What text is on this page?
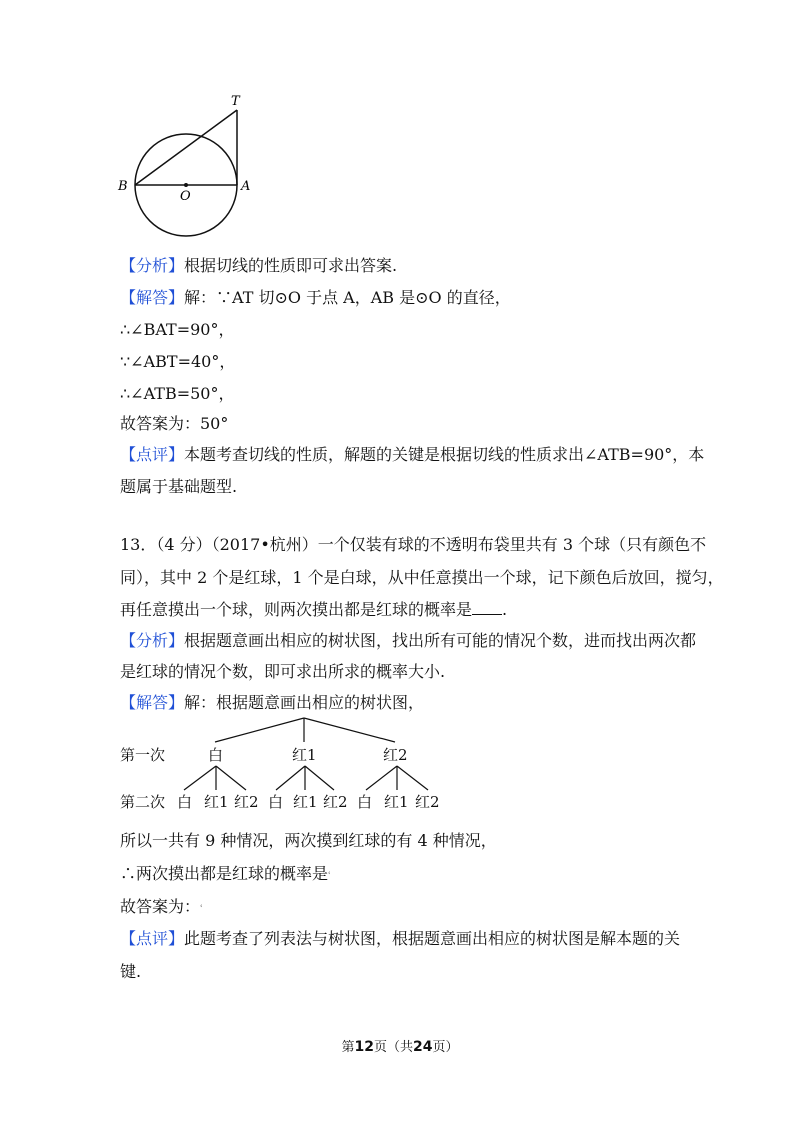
T
B
O
A
【分析】根据切线的性质即可求出答案.
【解答】解：∵AT 切⊙O 于点 A，AB 是⊙O 的直径，
∴∠BAT=90°，
∵∠ABT=40°，
∴∠ATB=50°，
故答案为：50°
【点评】本题考查切线的性质，解题的关键是根据切线的性质求出∠ATB=90°，本
题属于基础题型.
13．（4 分）（2017•杭州）一个仅装有球的不透明布袋里共有 3 个球（只有颜色不
同），其中 2 个是红球，1 个是白球，从中任意摸出一个球，记下颜色后放回，搅匀，
再任意摸出一个球，则两次摸出都是红球的概率是 .
【分析】根据题意画出相应的树状图，找出所有可能的情况个数，进而找出两次都
是红球的情况个数，即可求出所求的概率大小.
【解答】解：根据题意画出相应的树状图，
第一次	白	红1	红2
第二次 白 红1 红2 白 红1 红2 白 红1 红2
所以一共有 9 种情况，两次摸到红球的有 4 种情况，
∴两次摸出都是红球的概率是ʿ
故答案为：ʿ
【点评】此题考查了列表法与树状图，根据题意画出相应的树状图是解本题的关
键.
第12页（共24页）
